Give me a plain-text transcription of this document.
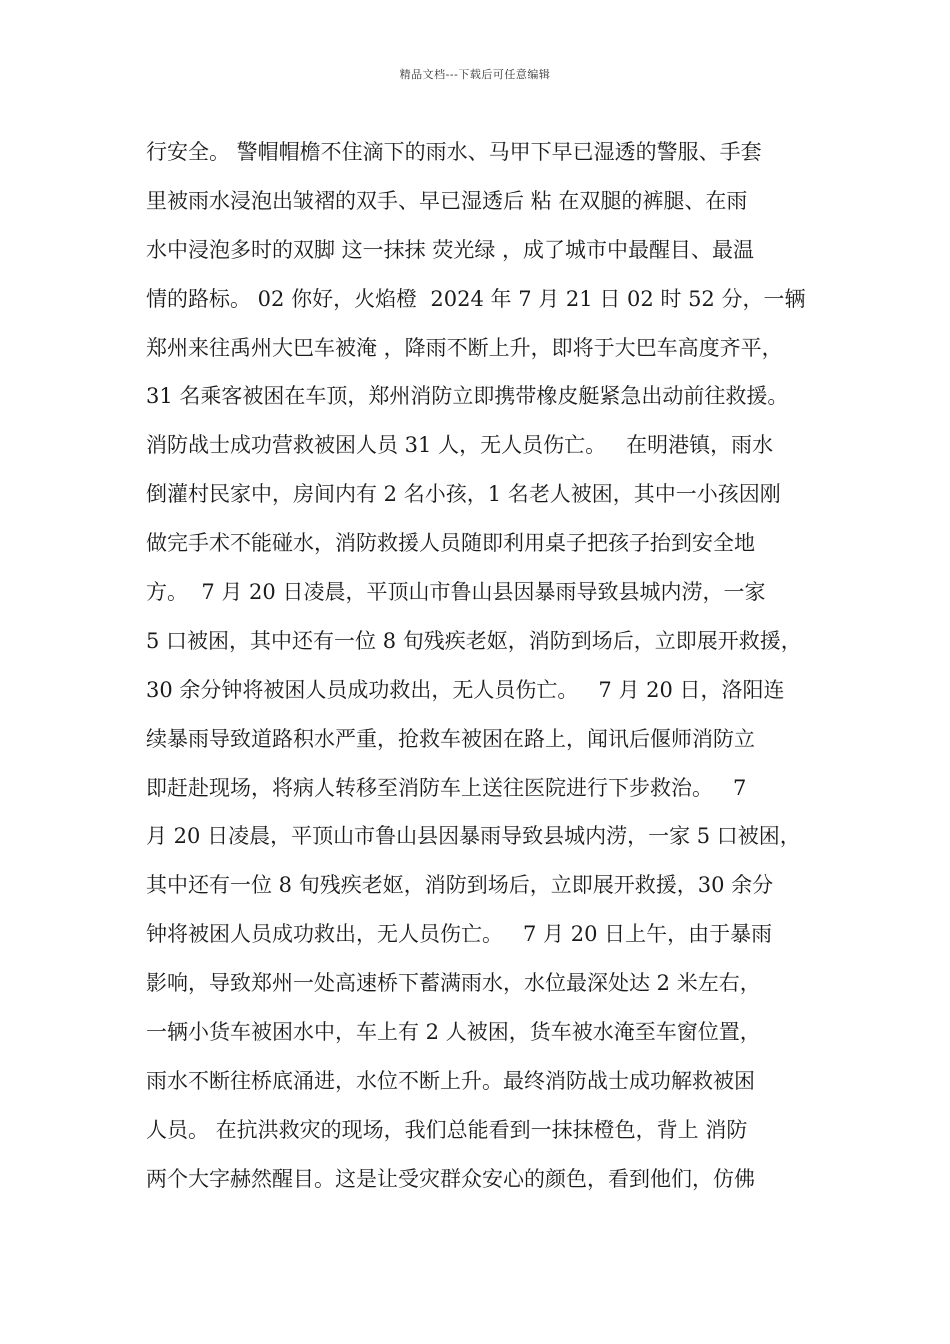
精品文档---下载后可任意编辑
行安全。 警帽帽檐不住滴下的雨水、马甲下早已湿透的警服、手套
里被雨水浸泡出皱褶的双手、早已湿透后 粘 在双腿的裤腿、在雨
水中浸泡多时的双脚 这一抹抹 荧光绿 ，成了城市中最醒目、最温
情的路标。 02 你好，火焰橙  2024 年 7 月 21 日 02 时 52 分，一辆
郑州来往禹州大巴车被淹 ，降雨不断上升，即将于大巴车高度齐平，
31 名乘客被困在车顶，郑州消防立即携带橡皮艇紧急出动前往救援。
消防战士成功营救被困人员 31 人，无人员伤亡。   在明港镇，雨水
倒灌村民家中，房间内有 2 名小孩，1 名老人被困，其中一小孩因刚
做完手术不能碰水，消防救援人员随即利用桌子把孩子抬到安全地
方。  7 月 20 日凌晨，平顶山市鲁山县因暴雨导致县城内涝，一家
5 口被困，其中还有一位 8 旬残疾老妪，消防到场后，立即展开救援，
30 余分钟将被困人员成功救出，无人员伤亡。   7 月 20 日，洛阳连
续暴雨导致道路积水严重，抢救车被困在路上，闻讯后偃师消防立
即赶赴现场，将病人转移至消防车上送往医院进行下步救治。   7
月 20 日凌晨，平顶山市鲁山县因暴雨导致县城内涝，一家 5 口被困，
其中还有一位 8 旬残疾老妪，消防到场后，立即展开救援，30 余分
钟将被困人员成功救出，无人员伤亡。   7 月 20 日上午，由于暴雨
影响，导致郑州一处高速桥下蓄满雨水，水位最深处达 2 米左右，
一辆小货车被困水中，车上有 2 人被困，货车被水淹至车窗位置，
雨水不断往桥底涌进，水位不断上升。最终消防战士成功解救被困
人员。 在抗洪救灾的现场，我们总能看到一抹抹橙色，背上 消防
两个大字赫然醒目。这是让受灾群众安心的颜色，看到他们，仿佛
